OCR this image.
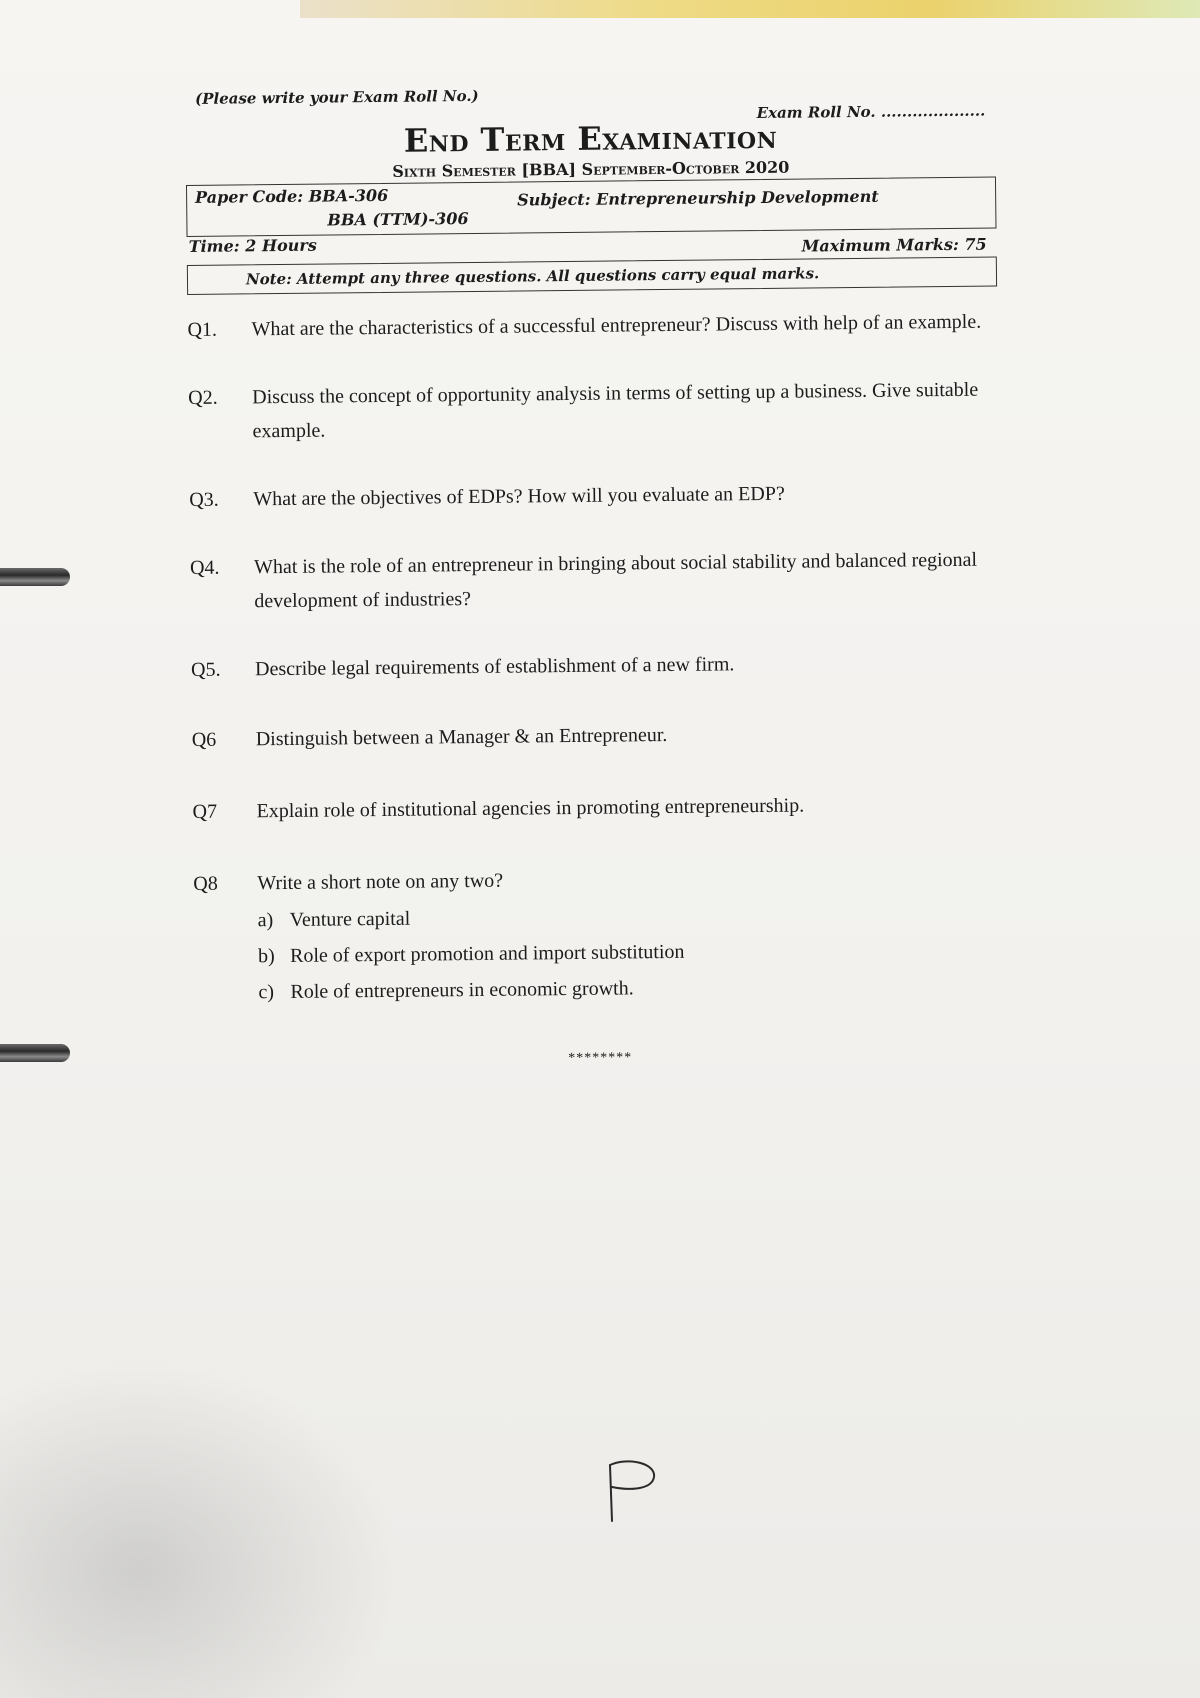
(Please write your Exam Roll No.)
Exam Roll No. ....................
End Term Examination
Sixth Semester [BBA] September-October 2020
Paper Code: BBA-306
BBA (TTM)-306
Subject: Entrepreneurship Development
Time: 2 Hours	Maximum Marks: 75
Note: Attempt any three questions. All questions carry equal marks.
Q1.	What are the characteristics of a successful entrepreneur? Discuss with help of an example.
Q2.	Discuss the concept of opportunity analysis in terms of setting up a business. Give suitable example.
Q3.	What are the objectives of EDPs? How will you evaluate an EDP?
Q4.	What is the role of an entrepreneur in bringing about social stability and balanced regional development of industries?
Q5.	Describe legal requirements of establishment of a new firm.
Q6	Distinguish between a Manager & an Entrepreneur.
Q7	Explain role of institutional agencies in promoting entrepreneurship.
Q8	Write a short note on any two?
a) Venture capital
b) Role of export promotion and import substitution
c) Role of entrepreneurs in economic growth.
********
